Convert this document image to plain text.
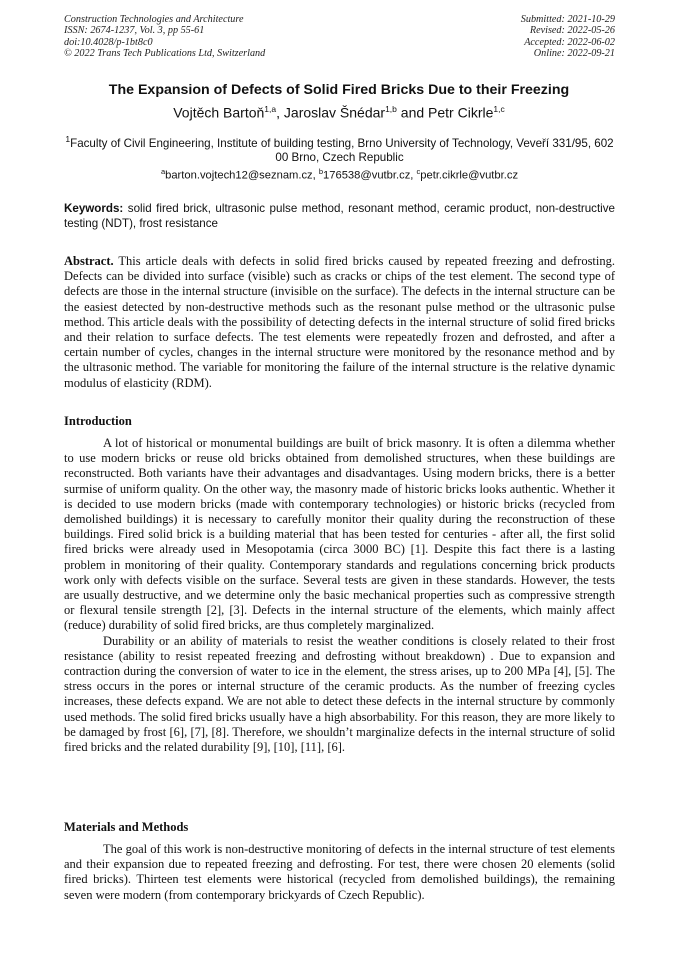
Construction Technologies and Architecture
ISSN: 2674-1237, Vol. 3, pp 55-61
doi:10.4028/p-1bt8c0
© 2022 Trans Tech Publications Ltd, Switzerland
Submitted: 2021-10-29
Revised: 2022-05-26
Accepted: 2022-06-02
Online: 2022-09-21
The Expansion of Defects of Solid Fired Bricks Due to their Freezing
Vojtěch Bartoň$^{1,a}$, Jaroslav Šnédar$^{1,b}$ and Petr Cikrle$^{1,c}$
$^1$Faculty of Civil Engineering, Institute of building testing, Brno University of Technology, Veveří 331/95, 602 00 Brno, Czech Republic
$^a$barton.vojtech12@seznam.cz, $^b$176538@vutbr.cz, $^c$petr.cikrle@vutbr.cz
Keywords: solid fired brick, ultrasonic pulse method, resonant method, ceramic product, non-destructive testing (NDT), frost resistance
Abstract. This article deals with defects in solid fired bricks caused by repeated freezing and defrosting. Defects can be divided into surface (visible) such as cracks or chips of the test element. The second type of defects are those in the internal structure (invisible on the surface). The defects in the internal structure can be the easiest detected by non-destructive methods such as the resonant pulse method or the ultrasonic pulse method. This article deals with the possibility of detecting defects in the internal structure of solid fired bricks and their relation to surface defects. The test elements were repeatedly frozen and defrosted, and after a certain number of cycles, changes in the internal structure were monitored by the resonance method and by the ultrasonic method. The variable for monitoring the failure of the internal structure is the relative dynamic modulus of elasticity (RDM).
Introduction

A lot of historical or monumental buildings are built of brick masonry. It is often a dilemma whether to use modern bricks or reuse old bricks obtained from demolished structures, when these buildings are reconstructed. Both variants have their advantages and disadvantages. Using modern bricks, there is a better surmise of uniform quality. On the other way, the masonry made of historic bricks looks authentic. Whether it is decided to use modern bricks (made with contemporary technologies) or historic bricks (recycled from demolished buildings) it is necessary to carefully monitor their quality during the reconstruction of these buildings. Fired solid brick is a building material that has been tested for centuries - after all, the first solid fired bricks were already used in Mesopotamia (circa 3000 BC) [1]. Despite this fact there is a lasting problem in monitoring of their quality. Contemporary standards and regulations concerning brick products work only with defects visible on the surface. Several tests are given in these standards. However, the tests are usually destructive, and we determine only the basic mechanical properties such as compressive strength or flexural tensile strength [2], [3]. Defects in the internal structure of the elements, which mainly affect (reduce) durability of solid fired bricks, are thus completely marginalized.

Durability or an ability of materials to resist the weather conditions is closely related to their frost resistance (ability to resist repeated freezing and defrosting without breakdown) . Due to expansion and contraction during the conversion of water to ice in the element, the stress arises, up to 200 MPa [4], [5]. The stress occurs in the pores or internal structure of the ceramic products. As the number of freezing cycles increases, these defects expand. We are not able to detect these defects in the internal structure by commonly used methods. The solid fired bricks usually have a high absorbability. For this reason, they are more likely to be damaged by frost [6], [7], [8]. Therefore, we shouldn’t marginalize defects in the internal structure of solid fired bricks and the related durability [9], [10], [11], [6].

Materials and Methods

The goal of this work is non-destructive monitoring of defects in the internal structure of test elements and their expansion due to repeated freezing and defrosting. For test, there were chosen 20 elements (solid fired bricks). Thirteen test elements were historical (recycled from demolished buildings), the remaining seven were modern (from contemporary brickyards of Czech Republic).
